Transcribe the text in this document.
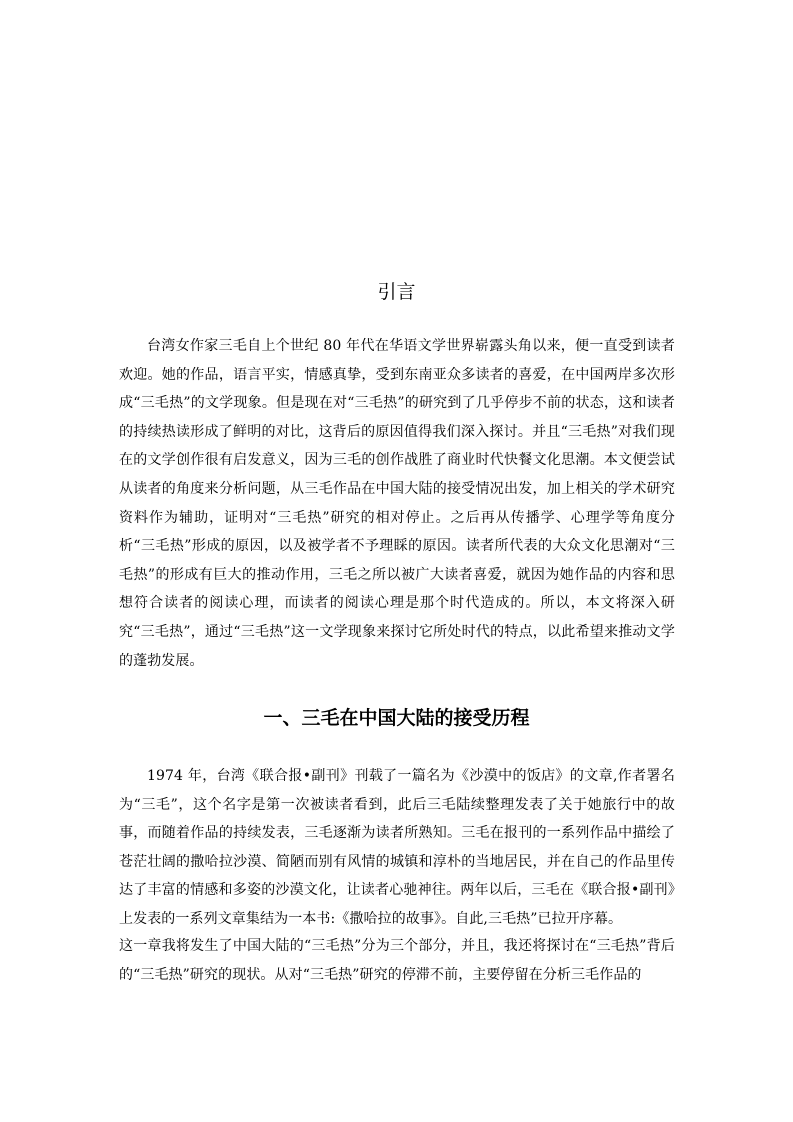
引言

台湾女作家三毛自上个世纪 80 年代在华语文学世界崭露头角以来，便一直受到读者欢迎。她的作品，语言平实，情感真挚，受到东南亚众多读者的喜爱，在中国两岸多次形成“三毛热”的文学现象。但是现在对“三毛热”的研究到了几乎停步不前的状态，这和读者的持续热读形成了鲜明的对比，这背后的原因值得我们深入探讨。并且“三毛热”对我们现在的文学创作很有启发意义，因为三毛的创作战胜了商业时代快餐文化思潮。本文便尝试从读者的角度来分析问题，从三毛作品在中国大陆的接受情况出发，加上相关的学术研究资料作为辅助，证明对“三毛热”研究的相对停止。之后再从传播学、心理学等角度分析“三毛热”形成的原因，以及被学者不予理睬的原因。读者所代表的大众文化思潮对“三毛热”的形成有巨大的推动作用，三毛之所以被广大读者喜爱，就因为她作品的内容和思想符合读者的阅读心理，而读者的阅读心理是那个时代造成的。所以，本文将深入研究“三毛热”，通过“三毛热”这一文学现象来探讨它所处时代的特点，以此希望来推动文学的蓬勃发展。

一、三毛在中国大陆的接受历程

1974 年，台湾《联合报•副刊》刊载了一篇名为《沙漠中的饭店》的文章,作者署名为“三毛”，这个名字是第一次被读者看到，此后三毛陆续整理发表了关于她旅行中的故事，而随着作品的持续发表，三毛逐渐为读者所熟知。三毛在报刊的一系列作品中描绘了苍茫壮阔的撒哈拉沙漠、简陋而别有风情的城镇和淳朴的当地居民，并在自己的作品里传达了丰富的情感和多姿的沙漠文化，让读者心驰神往。两年以后，三毛在《联合报•副刊》上发表的一系列文章集结为一本书:《撒哈拉的故事》。自此,三毛热”已拉开序幕。

这一章我将发生了中国大陆的“三毛热”分为三个部分，并且，我还将探讨在“三毛热”背后的“三毛热”研究的现状。从对“三毛热”研究的停滞不前，主要停留在分析三毛作品的
